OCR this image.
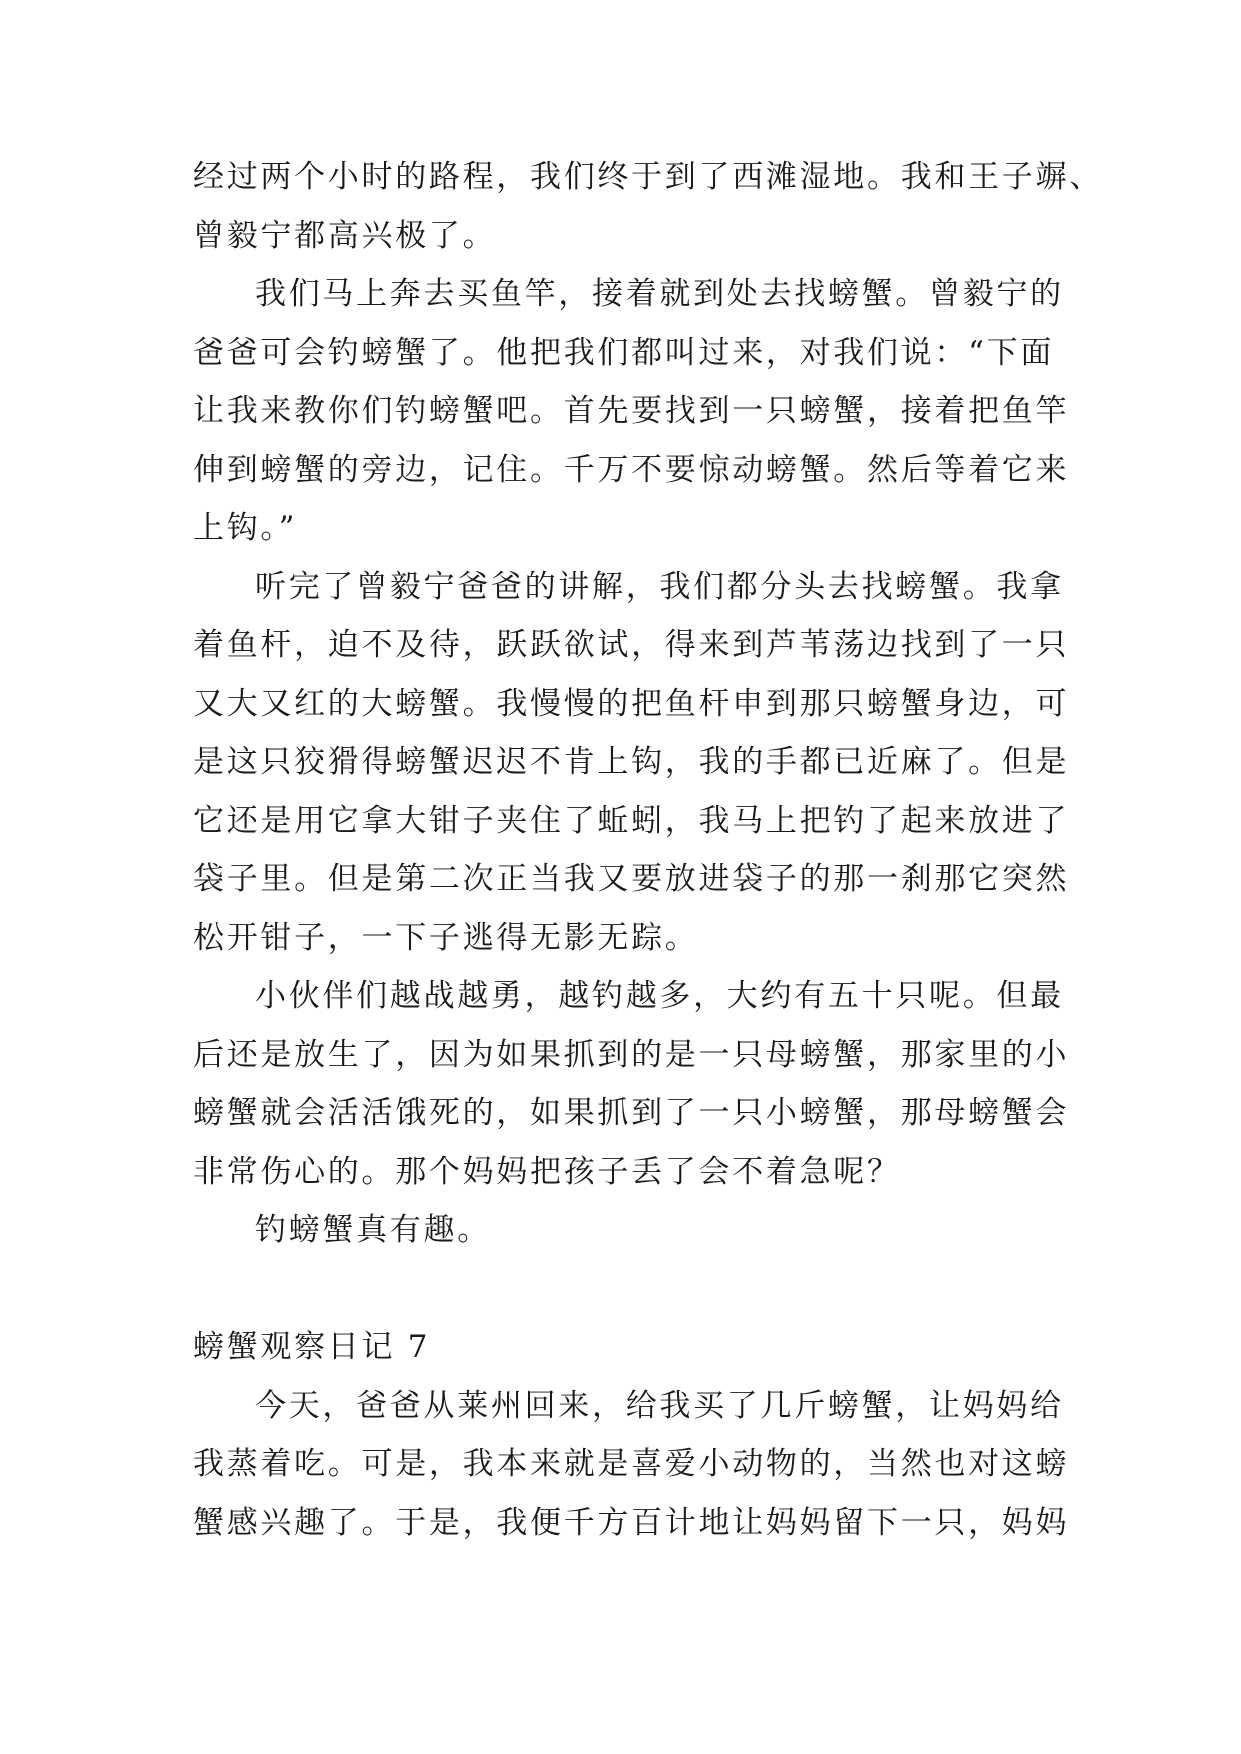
经过两个小时的路程，我们终于到了西滩湿地。我和王子竮、
曾毅宁都高兴极了。
我们马上奔去买鱼竿，接着就到处去找螃蟹。曾毅宁的
爸爸可会钓螃蟹了。他把我们都叫过来，对我们说：“下面
让我来教你们钓螃蟹吧。首先要找到一只螃蟹，接着把鱼竿
伸到螃蟹的旁边，记住。千万不要惊动螃蟹。然后等着它来
上钩。”
听完了曾毅宁爸爸的讲解，我们都分头去找螃蟹。我拿
着鱼杆，迫不及待，跃跃欲试，得来到芦苇荡边找到了一只
又大又红的大螃蟹。我慢慢的把鱼杆申到那只螃蟹身边，可
是这只狡猾得螃蟹迟迟不肯上钩，我的手都已近麻了。但是
它还是用它拿大钳子夹住了蚯蚓，我马上把钓了起来放进了
袋子里。但是第二次正当我又要放进袋子的那一刹那它突然
松开钳子，一下子逃得无影无踪。
小伙伴们越战越勇，越钓越多，大约有五十只呢。但最
后还是放生了，因为如果抓到的是一只母螃蟹，那家里的小
螃蟹就会活活饿死的，如果抓到了一只小螃蟹，那母螃蟹会
非常伤心的。那个妈妈把孩子丢了会不着急呢？
钓螃蟹真有趣。
螃蟹观察日记 7
今天，爸爸从莱州回来，给我买了几斤螃蟹，让妈妈给
我蒸着吃。可是，我本来就是喜爱小动物的，当然也对这螃
蟹感兴趣了。于是，我便千方百计地让妈妈留下一只，妈妈
